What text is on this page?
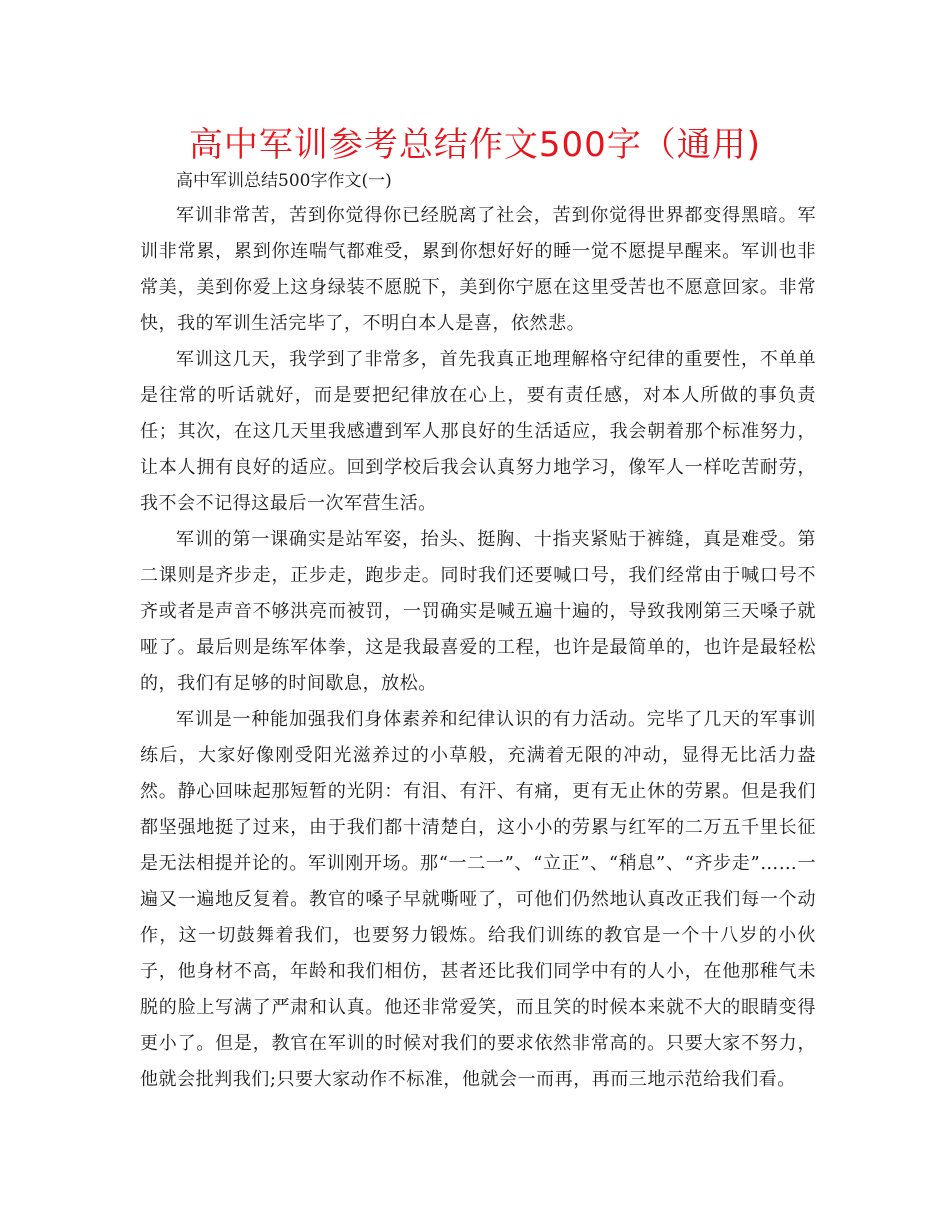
高中军训参考总结作文500字（通用)

高中军训总结500字作文(一)

军训非常苦，苦到你觉得你已经脱离了社会，苦到你觉得世界都变得黑暗。军训非常累，累到你连喘气都难受，累到你想好好的睡一觉不愿提早醒来。军训也非常美，美到你爱上这身绿装不愿脱下，美到你宁愿在这里受苦也不愿意回家。非常快，我的军训生活完毕了，不明白本人是喜，依然悲。

军训这几天，我学到了非常多，首先我真正地理解格守纪律的重要性，不单单是往常的听话就好，而是要把纪律放在心上，要有责任感，对本人所做的事负责任；其次，在这几天里我感遭到军人那良好的生活适应，我会朝着那个标准努力，让本人拥有良好的适应。回到学校后我会认真努力地学习，像军人一样吃苦耐劳，我不会不记得这最后一次军营生活。

军训的第一课确实是站军姿，抬头、挺胸、十指夹紧贴于裤缝，真是难受。第二课则是齐步走，正步走，跑步走。同时我们还要喊口号，我们经常由于喊口号不齐或者是声音不够洪亮而被罚，一罚确实是喊五遍十遍的，导致我刚第三天嗓子就哑了。最后则是练军体拳，这是我最喜爱的工程，也许是最简单的，也许是最轻松的，我们有足够的时间歇息，放松。

军训是一种能加强我们身体素养和纪律认识的有力活动。完毕了几天的军事训练后，大家好像刚受阳光滋养过的小草般，充满着无限的冲动，显得无比活力盎然。静心回味起那短暂的光阴：有泪、有汗、有痛，更有无止休的劳累。但是我们都坚强地挺了过来，由于我们都十清楚白，这小小的劳累与红军的二万五千里长征是无法相提并论的。军训刚开场。那“一二一”、“立正”、“稍息”、“齐步走”……一遍又一遍地反复着。教官的嗓子早就嘶哑了，可他们仍然地认真改正我们每一个动作，这一切鼓舞着我们，也要努力锻炼。给我们训练的教官是一个十八岁的小伙子，他身材不高，年龄和我们相仿，甚者还比我们同学中有的人小，在他那稚气未脱的脸上写满了严肃和认真。他还非常爱笑，而且笑的时候本来就不大的眼睛变得更小了。但是，教官在军训的时候对我们的要求依然非常高的。只要大家不努力，他就会批判我们;只要大家动作不标准，他就会一而再，再而三地示范给我们看。
